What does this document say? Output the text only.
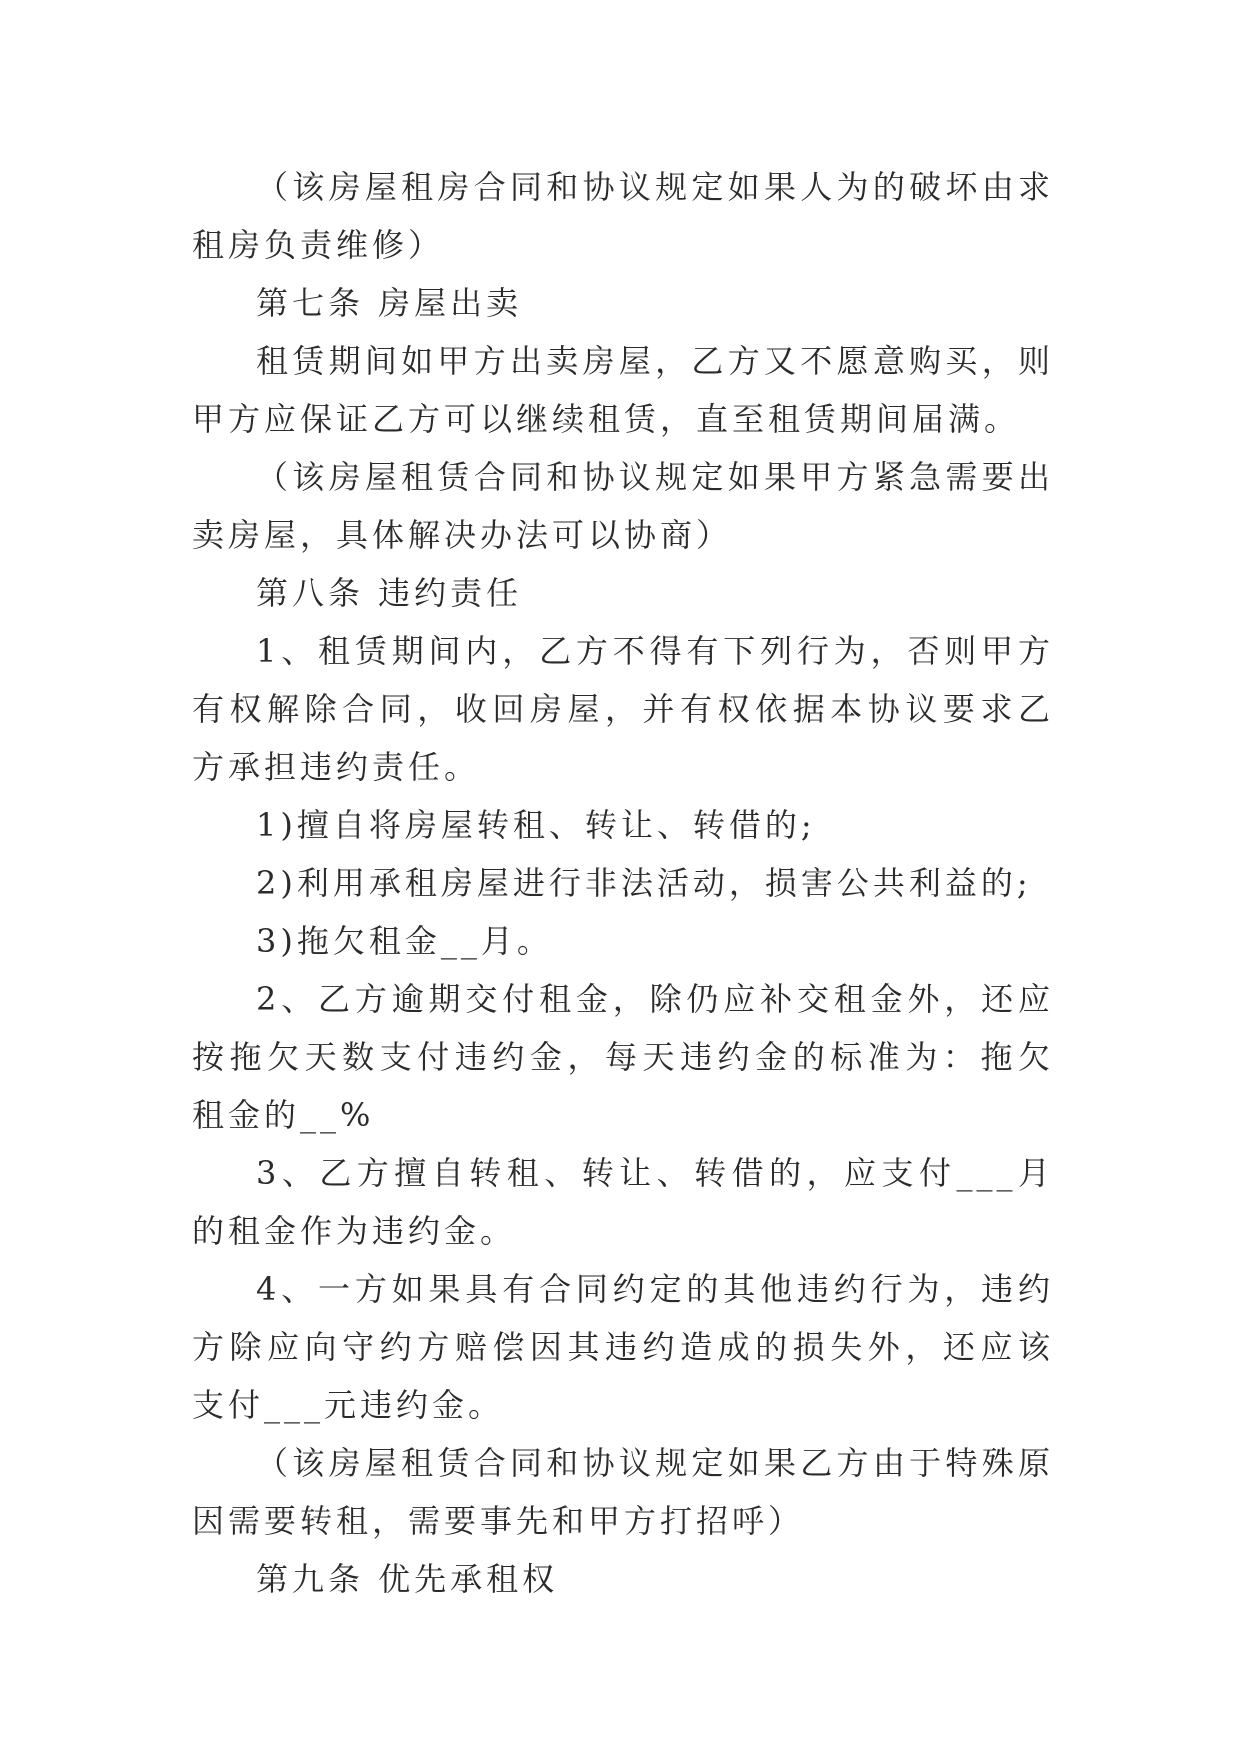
（该房屋租房合同和协议规定如果人为的破坏由求租房负责维修）

第七条 房屋出卖

租赁期间如甲方出卖房屋，乙方又不愿意购买，则甲方应保证乙方可以继续租赁，直至租赁期间届满。

（该房屋租赁合同和协议规定如果甲方紧急需要出卖房屋，具体解决办法可以协商）

第八条 违约责任

1、租赁期间内，乙方不得有下列行为，否则甲方有权解除合同，收回房屋，并有权依据本协议要求乙方承担违约责任。

1)擅自将房屋转租、转让、转借的;

2)利用承租房屋进行非法活动，损害公共利益的;

3)拖欠租金__月。

2、乙方逾期交付租金，除仍应补交租金外，还应按拖欠天数支付违约金，每天违约金的标准为：拖欠租金的__%

3、乙方擅自转租、转让、转借的，应支付___月的租金作为违约金。

4、一方如果具有合同约定的其他违约行为，违约方除应向守约方赔偿因其违约造成的损失外，还应该支付___元违约金。

（该房屋租赁合同和协议规定如果乙方由于特殊原因需要转租，需要事先和甲方打招呼）

第九条 优先承租权
